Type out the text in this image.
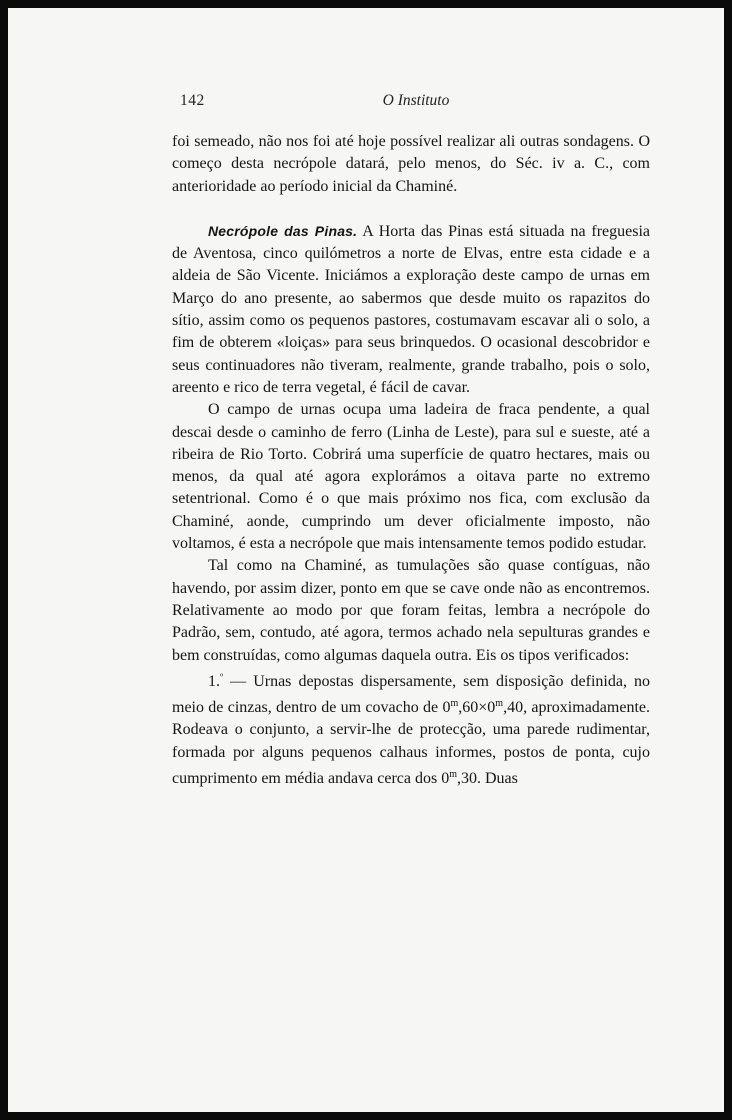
142	O Instituto

foi semeado, não nos foi até hoje possível realizar ali outras sondagens. O começo desta necrópole datará, pelo menos, do Séc. iv a. C., com anterioridade ao período inicial da Chaminé.

Necrópole das Pinas. A Horta das Pinas está situada na freguesia de Aventosa, cinco quilómetros a norte de Elvas, entre esta cidade e a aldeia de São Vicente. Iniciámos a exploração deste campo de urnas em Março do ano presente, ao sabermos que desde muito os rapazitos do sítio, assim como os pequenos pastores, costumavam escavar ali o solo, a fim de obterem «loiças» para seus brinquedos. O ocasional descobridor e seus continuadores não tiveram, realmente, grande trabalho, pois o solo, areento e rico de terra vegetal, é fácil de cavar.

O campo de urnas ocupa uma ladeira de fraca pendente, a qual descai desde o caminho de ferro (Linha de Leste), para sul e sueste, até a ribeira de Rio Torto. Cobrirá uma superfície de quatro hectares, mais ou menos, da qual até agora explorámos a oitava parte no extremo setentrional. Como é o que mais próximo nos fica, com exclusão da Chaminé, aonde, cumprindo um dever oficialmente imposto, não voltamos, é esta a necrópole que mais intensamente temos podido estudar.

Tal como na Chaminé, as tumulações são quase contíguas, não havendo, por assim dizer, ponto em que se cave onde não as encontremos. Relativamente ao modo por que foram feitas, lembra a necrópole do Padrão, sem, contudo, até agora, termos achado nela sepulturas grandes e bem construídas, como algumas daquela outra. Eis os tipos verificados:

1.$^º$ — Urnas depostas dispersamente, sem disposição definida, no meio de cinzas, dentro de um covacho de $0^m,60\times 0^m,40$, aproximadamente. Rodeava o conjunto, a servir-lhe de protecção, uma parede rudimentar, formada por alguns pequenos calhaus informes, postos de ponta, cujo cumprimento em média andava cerca dos 0$^m$,30. Duas
